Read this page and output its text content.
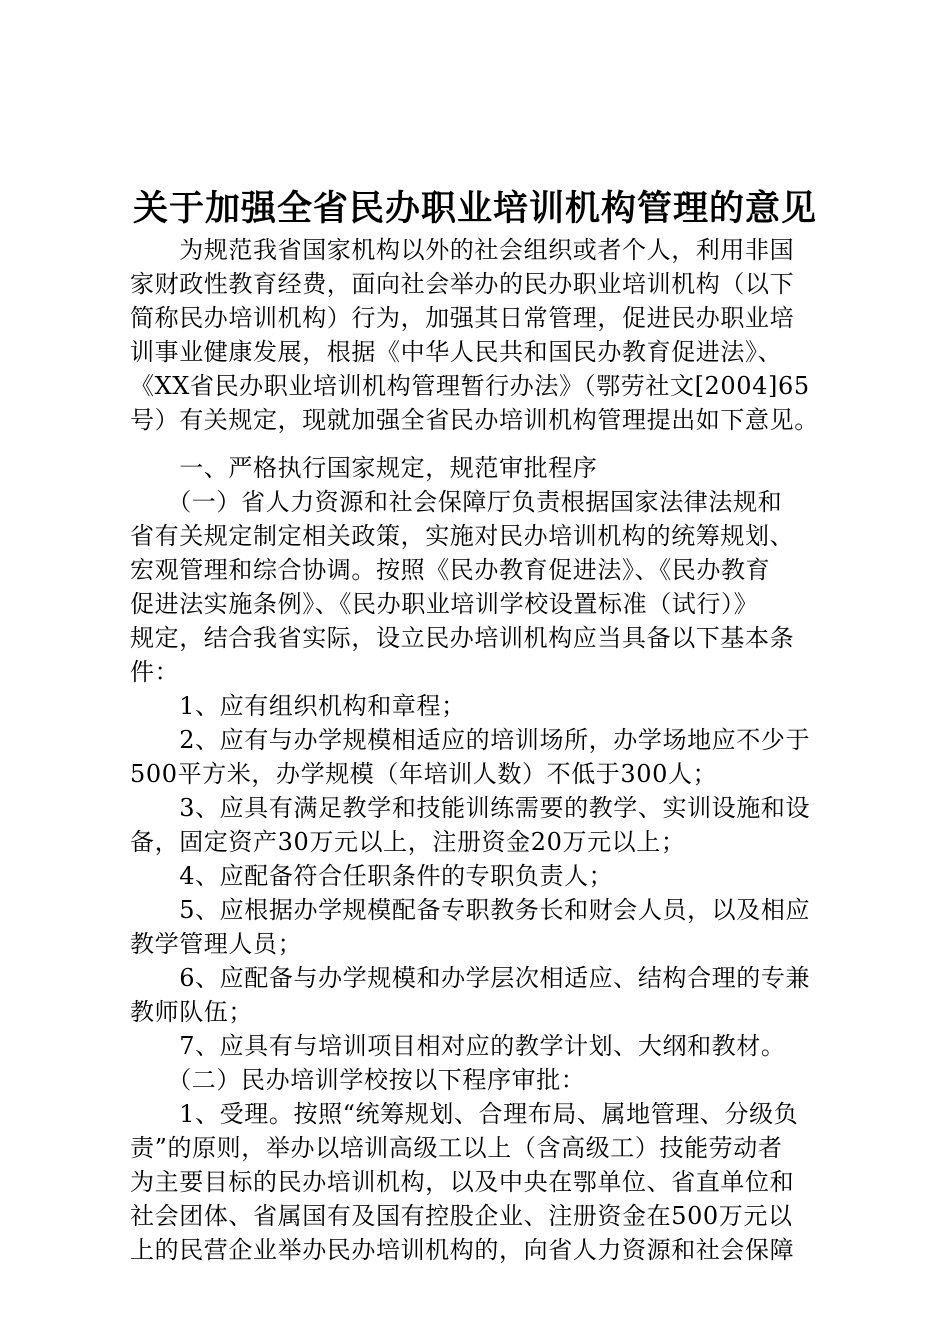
关于加强全省民办职业培训机构管理的意见
　　为规范我省国家机构以外的社会组织或者个人，利用非国
家财政性教育经费，面向社会举办的民办职业培训机构（以下
简称民办培训机构）行为，加强其日常管理，促进民办职业培
训事业健康发展，根据《中华人民共和国民办教育促进法》、
《XX省民办职业培训机构管理暂行办法》（鄂劳社文[2004]65
号）有关规定，现就加强全省民办培训机构管理提出如下意见。
　　一、严格执行国家规定，规范审批程序
　　（一）省人力资源和社会保障厅负责根据国家法律法规和
省有关规定制定相关政策，实施对民办培训机构的统筹规划、
宏观管理和综合协调。按照《民办教育促进法》、《民办教育
促进法实施条例》、《民办职业培训学校设置标准（试行）》
规定，结合我省实际，设立民办培训机构应当具备以下基本条
件：
　　1、应有组织机构和章程；
　　2、应有与办学规模相适应的培训场所，办学场地应不少于
500平方米，办学规模（年培训人数）不低于300人；
　　3、应具有满足教学和技能训练需要的教学、实训设施和设
备，固定资产30万元以上，注册资金20万元以上；
　　4、应配备符合任职条件的专职负责人；
　　5、应根据办学规模配备专职教务长和财会人员，以及相应
教学管理人员；
　　6、应配备与办学规模和办学层次相适应、结构合理的专兼
教师队伍；
　　7、应具有与培训项目相对应的教学计划、大纲和教材。
　　（二）民办培训学校按以下程序审批：
　　1、受理。按照“统筹规划、合理布局、属地管理、分级负
责”的原则，举办以培训高级工以上（含高级工）技能劳动者
为主要目标的民办培训机构，以及中央在鄂单位、省直单位和
社会团体、省属国有及国有控股企业、注册资金在500万元以
上的民营企业举办民办培训机构的，向省人力资源和社会保障
